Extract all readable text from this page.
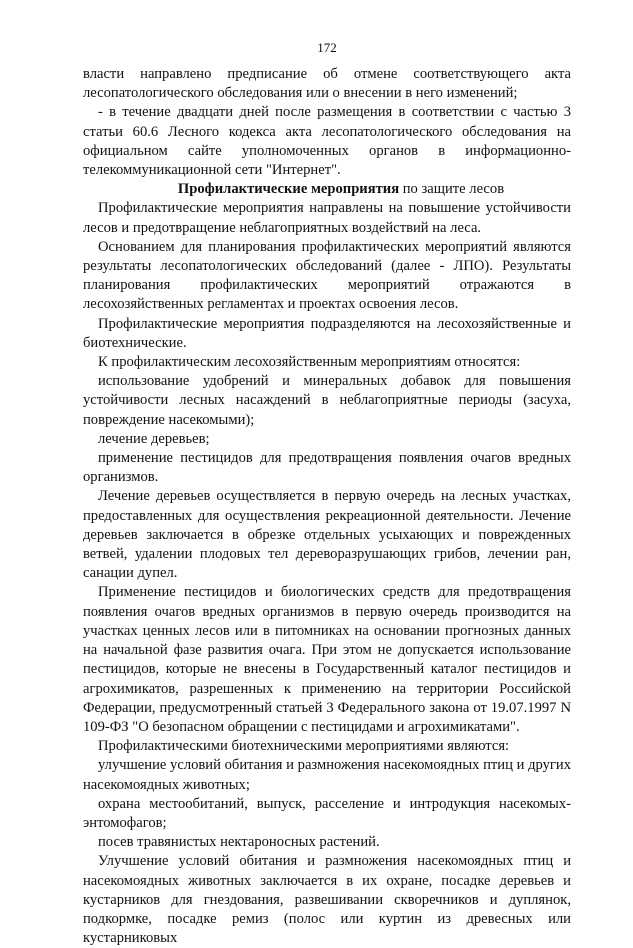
172

власти направлено предписание об отмене соответствующего акта лесопатологического обследования или о внесении в него изменений;

- в течение двадцати дней после размещения в соответствии с частью 3 статьи 60.6 Лесного кодекса акта лесопатологического обследования на официальном сайте уполномоченных органов в информационно-телекоммуникационной сети "Интернет".

Профилактические мероприятия по защите лесов

Профилактические мероприятия направлены на повышение устойчивости лесов и предотвращение неблагоприятных воздействий на леса.

Основанием для планирования профилактических мероприятий являются результаты лесопатологических обследований (далее - ЛПО). Результаты планирования профилактических мероприятий отражаются в лесохозяйственных регламентах и проектах освоения лесов.

Профилактические мероприятия подразделяются на лесохозяйственные и биотехнические.

К профилактическим лесохозяйственным мероприятиям относятся:

использование удобрений и минеральных добавок для повышения устойчивости лесных насаждений в неблагоприятные периоды (засуха, повреждение насекомыми);

лечение деревьев;

применение пестицидов для предотвращения появления очагов вредных организмов.

Лечение деревьев осуществляется в первую очередь на лесных участках, предоставленных для осуществления рекреационной деятельности. Лечение деревьев заключается в обрезке отдельных усыхающих и поврежденных ветвей, удалении плодовых тел дереворазрушающих грибов, лечении ран, санации дупел.

Применение пестицидов и биологических средств для предотвращения появления очагов вредных организмов в первую очередь производится на участках ценных лесов или в питомниках на основании прогнозных данных на начальной фазе развития очага. При этом не допускается использование пестицидов, которые не внесены в Государственный каталог пестицидов и агрохимикатов, разрешенных к применению на территории Российской Федерации, предусмотренный статьей 3 Федерального закона от 19.07.1997 N 109-ФЗ "О безопасном обращении с пестицидами и агрохимикатами".

Профилактическими биотехническими мероприятиями являются:

улучшение условий обитания и размножения насекомоядных птиц и других насекомоядных животных;

охрана местообитаний, выпуск, расселение и интродукция насекомых-энтомофагов;

посев травянистых нектароносных растений.

Улучшение условий обитания и размножения насекомоядных птиц и насекомоядных животных заключается в их охране, посадке деревьев и кустарников для гнездования, развешивании скворечников и дуплянок, подкормке, посадке ремиз (полос или куртин из древесных или кустарниковых
